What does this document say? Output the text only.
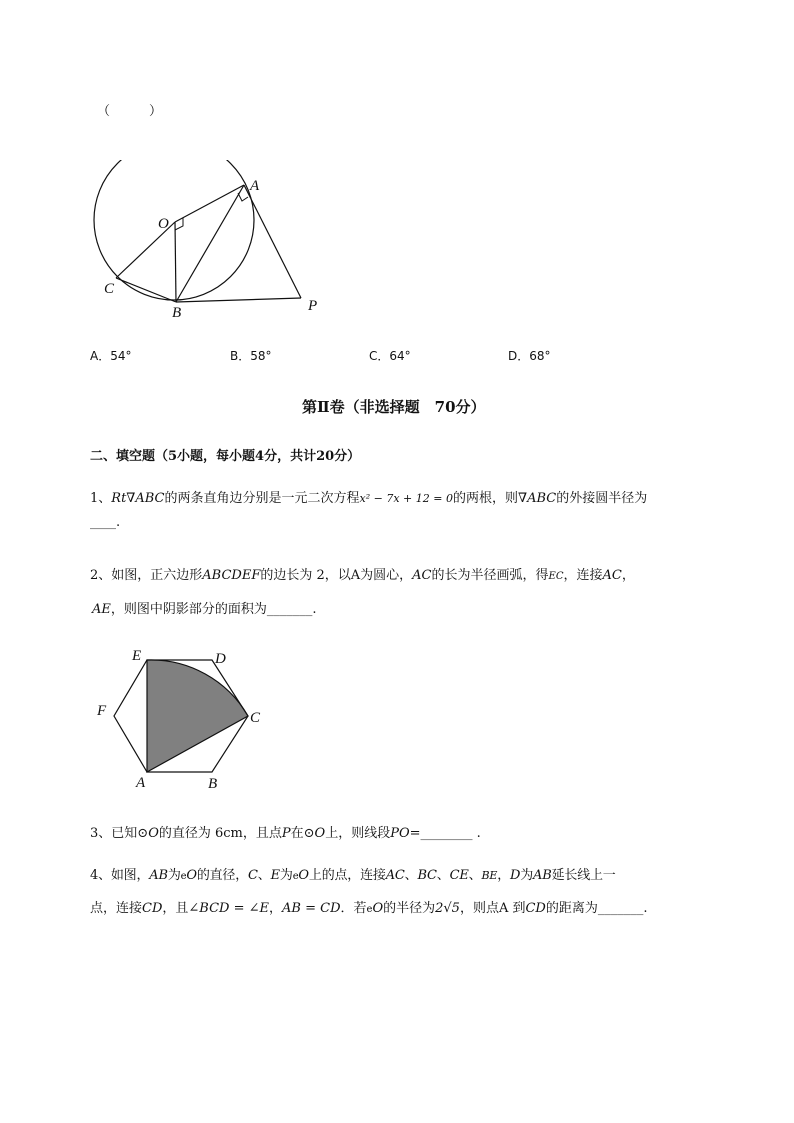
（　　　）
O
A
C
B	P
A．54°	B．58°	C．64°	D．68°
第Ⅱ卷（非选择题　70分）
二、填空题（5小题，每小题4分，共计20分）
1、Rt∇ABC的两条直角边分别是一元二次方程x² − 7x + 12 = 0的两根，则∇ABC的外接圆半径为
____.
2、如图，正六边形ABCDEF的边长为 2，以A为圆心，AC的长为半径画弧，得EC，连接AC，
AE，则图中阴影部分的面积为_______.
E	D
F	C
A	B
3、已知⊙O的直径为 6cm，且点P在⊙O上，则线段PO=________ .
4、如图，AB为eO的直径，C、E为eO上的点，连接AC、BC、CE、BE，D为AB延长线上一
点，连接CD，且∠BCD = ∠E，AB = CD．若eO的半径为2√5，则点A 到CD的距离为_______.
